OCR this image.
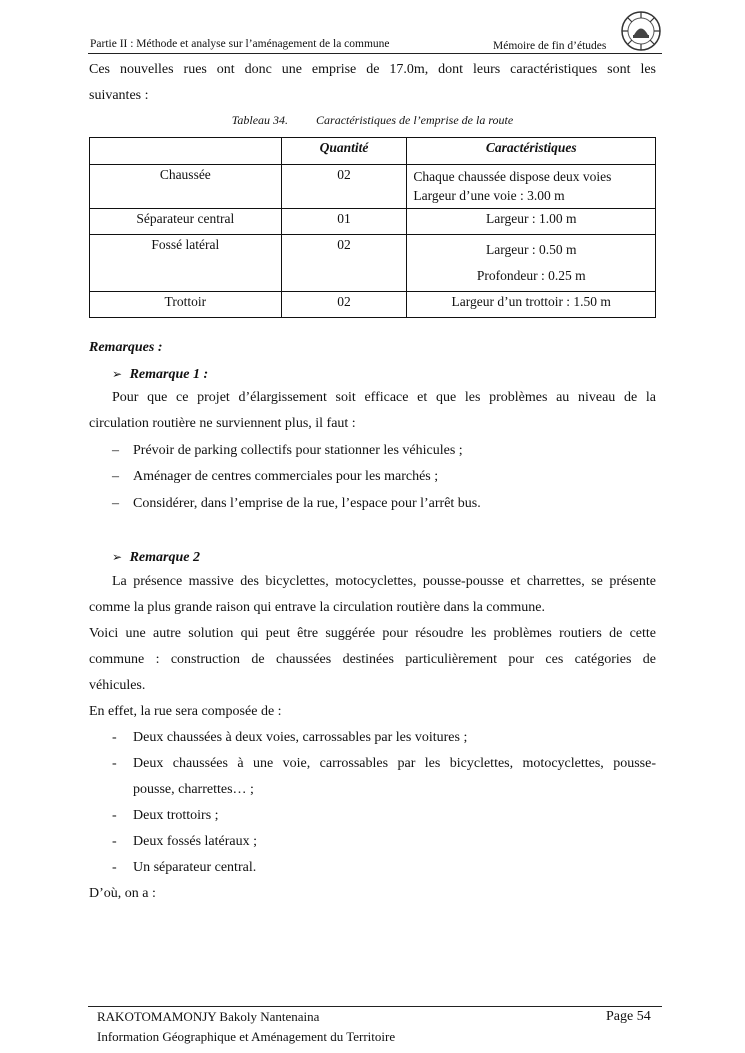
Partie II : Méthode et analyse sur l’aménagement de la commune	Mémoire de fin d’études
Ces nouvelles rues ont donc une emprise de 17.0m, dont leurs caractéristiques sont les
suivantes :
Tableau 34. Caractéristiques de l’emprise de la route
	Quantité	Caractéristiques
Chaussée	02	Chaque chaussée dispose deux voies
Largeur d’une voie : 3.00 m

Séparateur central	01	Largeur : 1.00 m
Fossé latéral	02	Largeur : 0.50 m
Profondeur : 0.25 m

Trottoir	02	Largeur d’un trottoir : 1.50 m
Remarques :
➢ Remarque 1 :
Pour que ce projet d’élargissement soit efficace et que les problèmes au niveau de la
circulation routière ne surviennent plus, il faut :
– Prévoir de parking collectifs pour stationner les véhicules ;
– Aménager de centres commerciales pour les marchés ;
– Considérer, dans l’emprise de la rue, l’espace pour l’arrêt bus.
➢ Remarque 2
La présence massive des bicyclettes, motocyclettes, pousse-pousse et charrettes, se présente
comme la plus grande raison qui entrave la circulation routière dans la commune.
Voici une autre solution qui peut être suggérée pour résoudre les problèmes routiers de cette
commune : construction de chaussées destinées particulièrement pour ces catégories de
véhicules.
En effet, la rue sera composée de :
- Deux chaussées à deux voies, carrossables par les voitures ;
- Deux chaussées à une voie, carrossables par les bicyclettes, motocyclettes, pousse-
pousse, charrettes… ;
- Deux trottoirs ;
- Deux fossés latéraux ;
- Un séparateur central.
D’où, on a :
RAKOTOMAMONJY Bakoly Nantenaina
Information Géographique et Aménagement du Territoire
Page 54
